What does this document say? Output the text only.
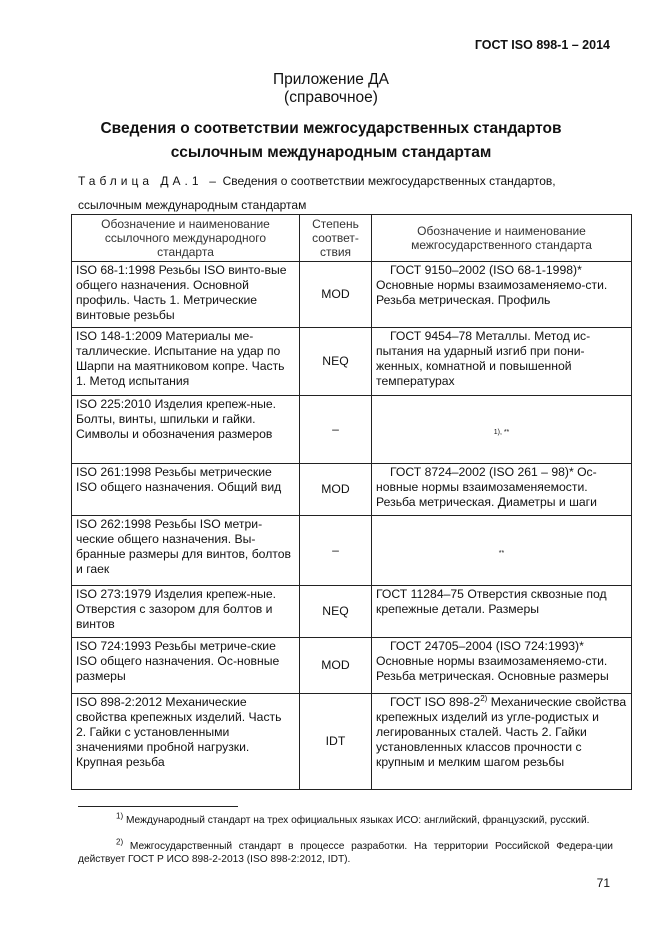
ГОСТ ISO 898-1 – 2014
Приложение ДА
(справочное)
Сведения о соответствии межгосударственных стандартов
ссылочным международным стандартам
Таблица ДА.1 – Сведения о соответствии межгосударственных стандартов,
ссылочным международным стандартам
Обозначение и наименование ссылочного международного стандарта	Степень соответ-ствия	Обозначение и наименование межгосударственного стандарта
ISO 68-1:1998 Резьбы ISO винто-вые общего назначения. Основной профиль. Часть 1. Метрические винтовые резьбы	MOD	ГОСТ 9150–2002 (ISO 68-1-1998)* Основные нормы взаимозаменяемо-сти. Резьба метрическая. Профиль
ISO 148-1:2009 Материалы ме-таллические. Испытание на удар по Шарпи на маятниковом копре. Часть 1. Метод испытания	NEQ	ГОСТ 9454–78 Металлы. Метод ис-пытания на ударный изгиб при пони-женных, комнатной и повышенной температурах
ISO 225:2010 Изделия крепеж-ные. Болты, винты, шпильки и гайки. Символы и обозначения размеров	–	1), **

ISO 261:1998 Резьбы метрические ISO общего назначения. Общий вид	MOD	ГОСТ 8724–2002 (ISO 261 – 98)* Ос-новные нормы взаимозаменяемости. Резьба метрическая. Диаметры и шаги
ISO 262:1998 Резьбы ISO метри-ческие общего назначения. Вы-бранные размеры для винтов, болтов и гаек	–	**

ISO 273:1979 Изделия крепеж-ные. Отверстия с зазором для болтов и винтов	NEQ	ГОСТ 11284–75 Отверстия сквозные под крепежные детали. Размеры
ISO 724:1993 Резьбы метриче-ские ISO общего назначения. Ос-новные размеры	MOD	ГОСТ 24705–2004 (ISO 724:1993)* Основные нормы взаимозаменяемо-сти. Резьба метрическая. Основные размеры
ISO 898-2:2012 Механические свойства крепежных изделий. Часть 2. Гайки с установленными значениями пробной нагрузки. Крупная резьба	IDT	ГОСТ ISO 898-2$^{2)}$ Механические свойства крепежных изделий из угле-родистых и легированных сталей. Часть 2. Гайки установленных классов прочности с крупным и мелким шагом резьбы
$^{1)}$ Международный стандарт на трех официальных языках ИСО: английский, французский, русский.
$^{2)}$ Межгосударственный стандарт в процессе разработки. На территории Российской Федера-ции действует ГОСТ Р ИСО 898-2-2013 (ISO 898-2:2012, IDT).
71
